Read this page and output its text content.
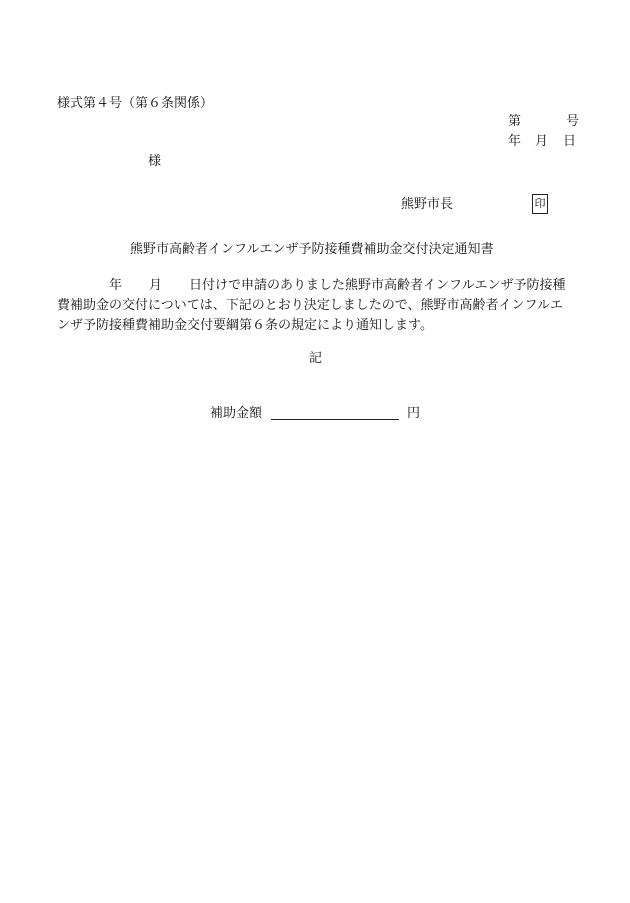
様式第４号（第６条関係）
第	号
年 月 日
様
熊野市長	印
熊野市高齢者インフルエンザ予防接種費補助金交付決定通知書
年 月 日付けで申請のありました熊野市高齢者インフルエンザ予防接種
費補助金の交付については、下記のとおり決定しましたので、熊野市高齢者インフルエ
ンザ予防接種費補助金交付要綱第６条の規定により通知します。
記
補助金額	円
